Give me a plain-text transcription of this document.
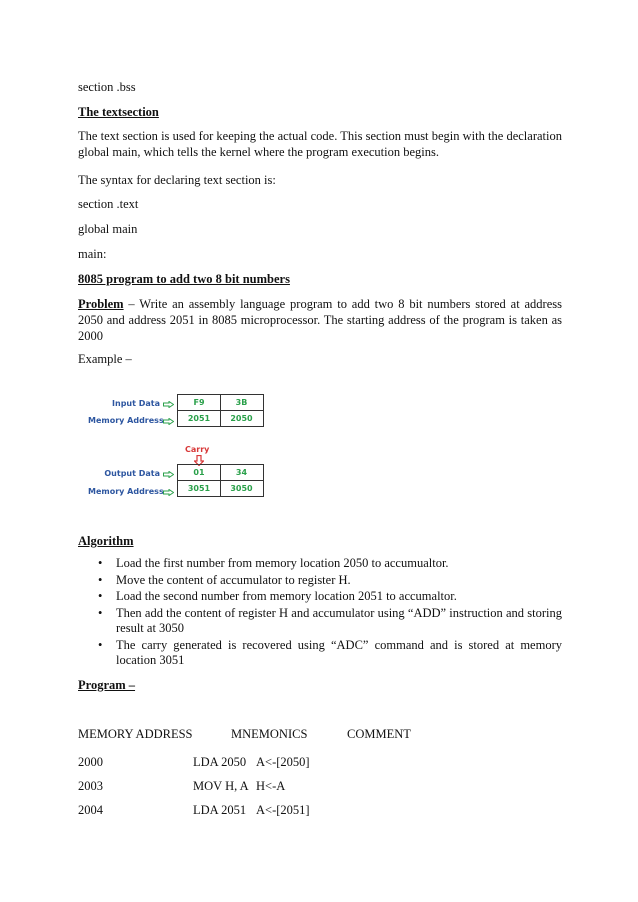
section .bss
The textsection
The text section is used for keeping the actual code. This section must begin with the declaration global main, which tells the kernel where the program execution begins.
The syntax for declaring text section is:
section .text
global main
main:
8085 program to add two 8 bit numbers
Problem – Write an assembly language program to add two 8 bit numbers stored at address 2050 and address 2051 in 8085 microprocessor. The starting address of the program is taken as 2000
Example –
Input Data
Memory Address
F9	3B
2051	2050
Carry
Output Data
Memory Address
01	34
3051	3050
Algorithm
• Load the first number from memory location 2050 to accumualtor.
• Move the content of accumulator to register H.
• Load the second number from memory location 2051 to accumaltor.
• Then add the content of register H and accumulator using “ADD” instruction and storing result at 3050
• The carry generated is recovered using “ADC” command and is stored at memory location 3051
Program –
MEMORY ADDRESS	MNEMONICS	COMMENT
2000	LDA 2050 A<-[2050]
2003	MOV H, A H<-A
2004	LDA 2051 A<-[2051]
